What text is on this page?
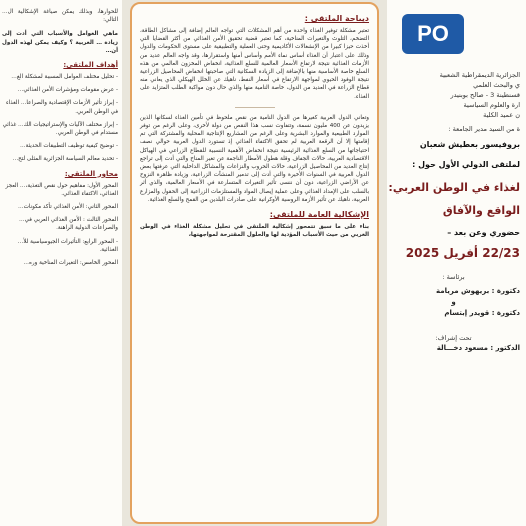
للحوارها، وبذلك يمكن صياغة الإشكالية ال… التالي:

ماهي العوامل والأسباب التي أدت إلى زيادة … العربية ؟ وكيف يمكن لهذه الدول أن…

أهداف الملتقى:

- تحليل مختلف العوامل المسببة لمشكلة الغ…

- عرض مقومات ومؤشرات الأمن الغذائي…

- إبراز تأثير الأزمات الإقتصادية والصراعا… الغذاء في الوطن العربي.

- إبراز مختلف الآليات والإستراتيجيات الك… غذائي مستدام في الوطن العربي.

- توضيح كيفية توظيف التطبيقات الحديثة…

- تحديد معالم السياسة الجزائرية المثلى لتح…

محاور الملتقى:

المحور الأول: مفاهيم حول نقص التغذية،… العجز الغذائي، الاكتفاء الغذائي.

المحور الثاني: الأمن الغذائي تأكد مكونات…

المحور الثالث : الأمن الغذائي العربي في… والصراعات الدولية الراهنة.

- المحور الرابع: التأثيرات الجيوسياسية للأ… الغذائية.

المحور الخامس: التغيرات المناخية وره…

ديباجة الملتقى :

تعتبر مشكلة توفير الغذاء واحدة من أهم المشكلات التي تواجه العالم إضافة إلى مشاكل الطاقة، التضخم، التلوث والتغيرات المناخية، كما تعتبر قضية تحقيق الأمن الغذائي من أكثر القضايا التي أخذت حيزا كبيرا من الإنشغالات الأكاديمية وحتى العملية والتطبيقية على مستوى الحكومات والدول وذلك على اعتبار أن الغذاء أساس نماء الأمم وأساس أمنها واستقرارها، وقد واجه العالم عديد من الأزمات الغذائية نتيجة لارتفاع الأسعار العالمية للسلع الغذائية، انخفاض المخزون العالمي من هذه السلع خاصة الأساسية منها بالإضافة إلى الزيادة السكانية التي صاحبتها انخفاض المحاصيل الزراعية نتيجة الوفود الحيوي لمواجهة الارتفاع في أسعار النفط، ناهيك عن الخلل الهيكلي الذي يعاني منه قطاع الزراعة في العديد من الدول، خاصة النامية منها والذي حال دون مواكبة الطلب المتزايد على الغذاء.

وتعاني الدول العربية كغيرها من الدول النامية من نقص ملحوظ في تأمين الغذاء لسكانها الذين يزيدون عن 400 مليون نسمة، وتتفاوت نسب هذا النقص من دولة لأخرى، وعلى الرغم من توفر الموارد الطبيعية والموارد البشرية وعلى الرغم من المشاريع الإنتاجية المحلية والمشتركة التي تم إقامتها إلا أن الرقعة العربية لم تحقق الاكتفاء الغذائي إذ تستورد الدول العربية حوالي نصف احتياجاتها من السلع الغذائية الرئيسية نتيجة انخفاض الأهمية النسبية للقطاع الزراعي في الهياكل الاقتصادية العربية، حالات الجفاف وقلة هطول الأمطار الناجمة عن تغير المناخ والتي أدت إلى تراجع إنتاج العديد من المحاصيل الزراعية، حالات الحروب والنزاعات والمشاكل الداخلية التي عرفتها بعض الدول العربية في السنوات الأخيرة والتي أدت إلى تدمير المنشآت الزراعية، وزيادة ظاهرة النزوح عن الأراضي الزراعية، دون أن ننسى تأثير التغيرات المتسارعة في الأسعار العالمية، والذي أثر بالسلب على الإمداد الغذائي وعلى عملية إيصال المواد والمستلزمات الزراعية إلى الحقول والمزارع العربية، ناهيك عن تأثير الأزمة الروسية الأوكرانية على صادرات البلدين من القمح والسلع الغذائية.

الإشكالية العامة للملتقى:

بناء على ما سبق تتمحور إشكالية الملتقى في تحليل مشكلة الغذاء في الوطن العربي من حيث الأسباب المؤدية لها والحلول المقترحة لمواجهتها،

PO

الجزائرية الديمقراطية الشعبية

ي والبحث العلمي

قسنطينة 3 - صالح بوبنيدر

ارة والعلوم السياسية

ن عميد الكلية

ة من السيد مدير الجامعة :

بروفيسور بعطيش شعبان

لملتقى الدولي الأول حول :

لغذاء في الوطن العربي:

الواقع والآفاق

حضوري وعن بعد –

22/23 أفريل 2025

برئاسة :

دكتورة : بريهوش مريامة

و

دكتورة : قويدر إبتسام

تحت إشراف:

الدكتور : مسعود دخـــالة
